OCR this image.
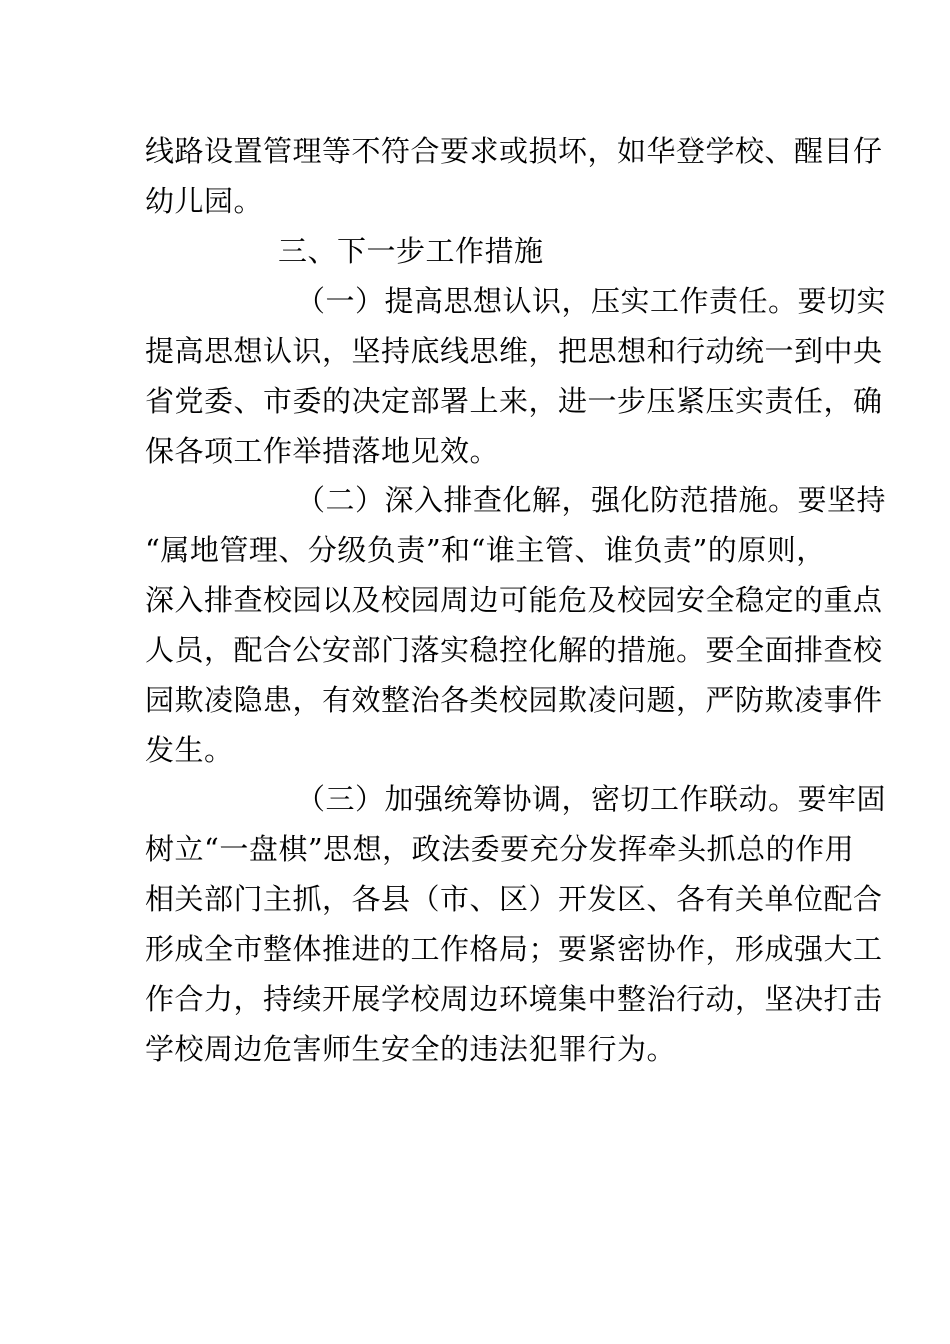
线路设置管理等不符合要求或损坏，如华登学校、醒目仔
幼儿园。
三、下一步工作措施
（一）提高思想认识，压实工作责任。要切实
提高思想认识，坚持底线思维，把思想和行动统一到中央
省党委、市委的决定部署上来，进一步压紧压实责任，确
保各项工作举措落地见效。
（二）深入排查化解，强化防范措施。要坚持
“属地管理、分级负责”和“谁主管、谁负责”的原则，
深入排查校园以及校园周边可能危及校园安全稳定的重点
人员，配合公安部门落实稳控化解的措施。要全面排查校
园欺凌隐患，有效整治各类校园欺凌问题，严防欺凌事件
发生。
（三）加强统筹协调，密切工作联动。要牢固
树立“一盘棋”思想，政法委要充分发挥牵头抓总的作用
相关部门主抓，各县（市、区）开发区、各有关单位配合
形成全市整体推进的工作格局；要紧密协作，形成强大工
作合力，持续开展学校周边环境集中整治行动，坚决打击
学校周边危害师生安全的违法犯罪行为。
